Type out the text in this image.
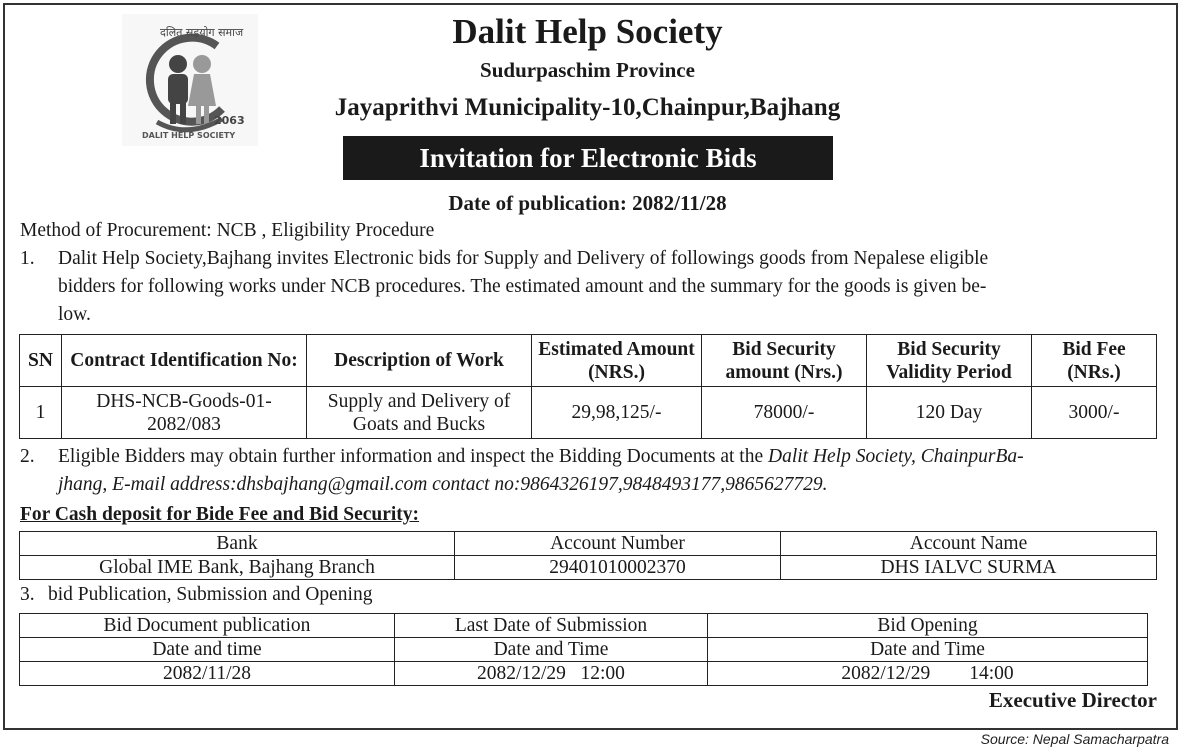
2063
दलित सहयोग समाज
DALIT HELP SOCIETY
Dalit Help Society
Sudurpaschim Province
Jayaprithvi Municipality-10,Chainpur,Bajhang
Invitation for Electronic Bids
Date of publication: 2082/11/28
Method of Procurement: NCB , Eligibility Procedure
1. Dalit Help Society,Bajhang invites Electronic bids for Supply and Delivery of followings goods from Nepalese eligible
bidders for following works under NCB procedures. The estimated amount and the summary for the goods is given be-
low.
SN	Contract Identification No:	Description of Work	Estimated Amount (NRS.)	Bid Security amount (Nrs.)	Bid Security Validity Period	Bid Fee (NRs.)
1	DHS-NCB-Goods-01-2082/083	Supply and Delivery of Goats and Bucks	29,98,125/-	78000/-	120 Day	3000/-
2. Eligible Bidders may obtain further information and inspect the Bidding Documents at the Dalit Help Society, ChainpurBa-
jhang, E-mail address:dhsbajhang@gmail.com contact no:9864326197,9848493177,9865627729.
For Cash deposit for Bide Fee and Bid Security:
Bank	Account Number	Account Name
Global IME Bank, Bajhang Branch	29401010002370	DHS IALVC SURMA
3. bid Publication, Submission and Opening
Bid Document publication	Last Date of Submission	Bid Opening
Date and time	Date and Time	Date and Time
2082/11/28	2082/12/29   12:00	2082/12/29        14:00
Executive Director
Source: Nepal Samacharpatra
